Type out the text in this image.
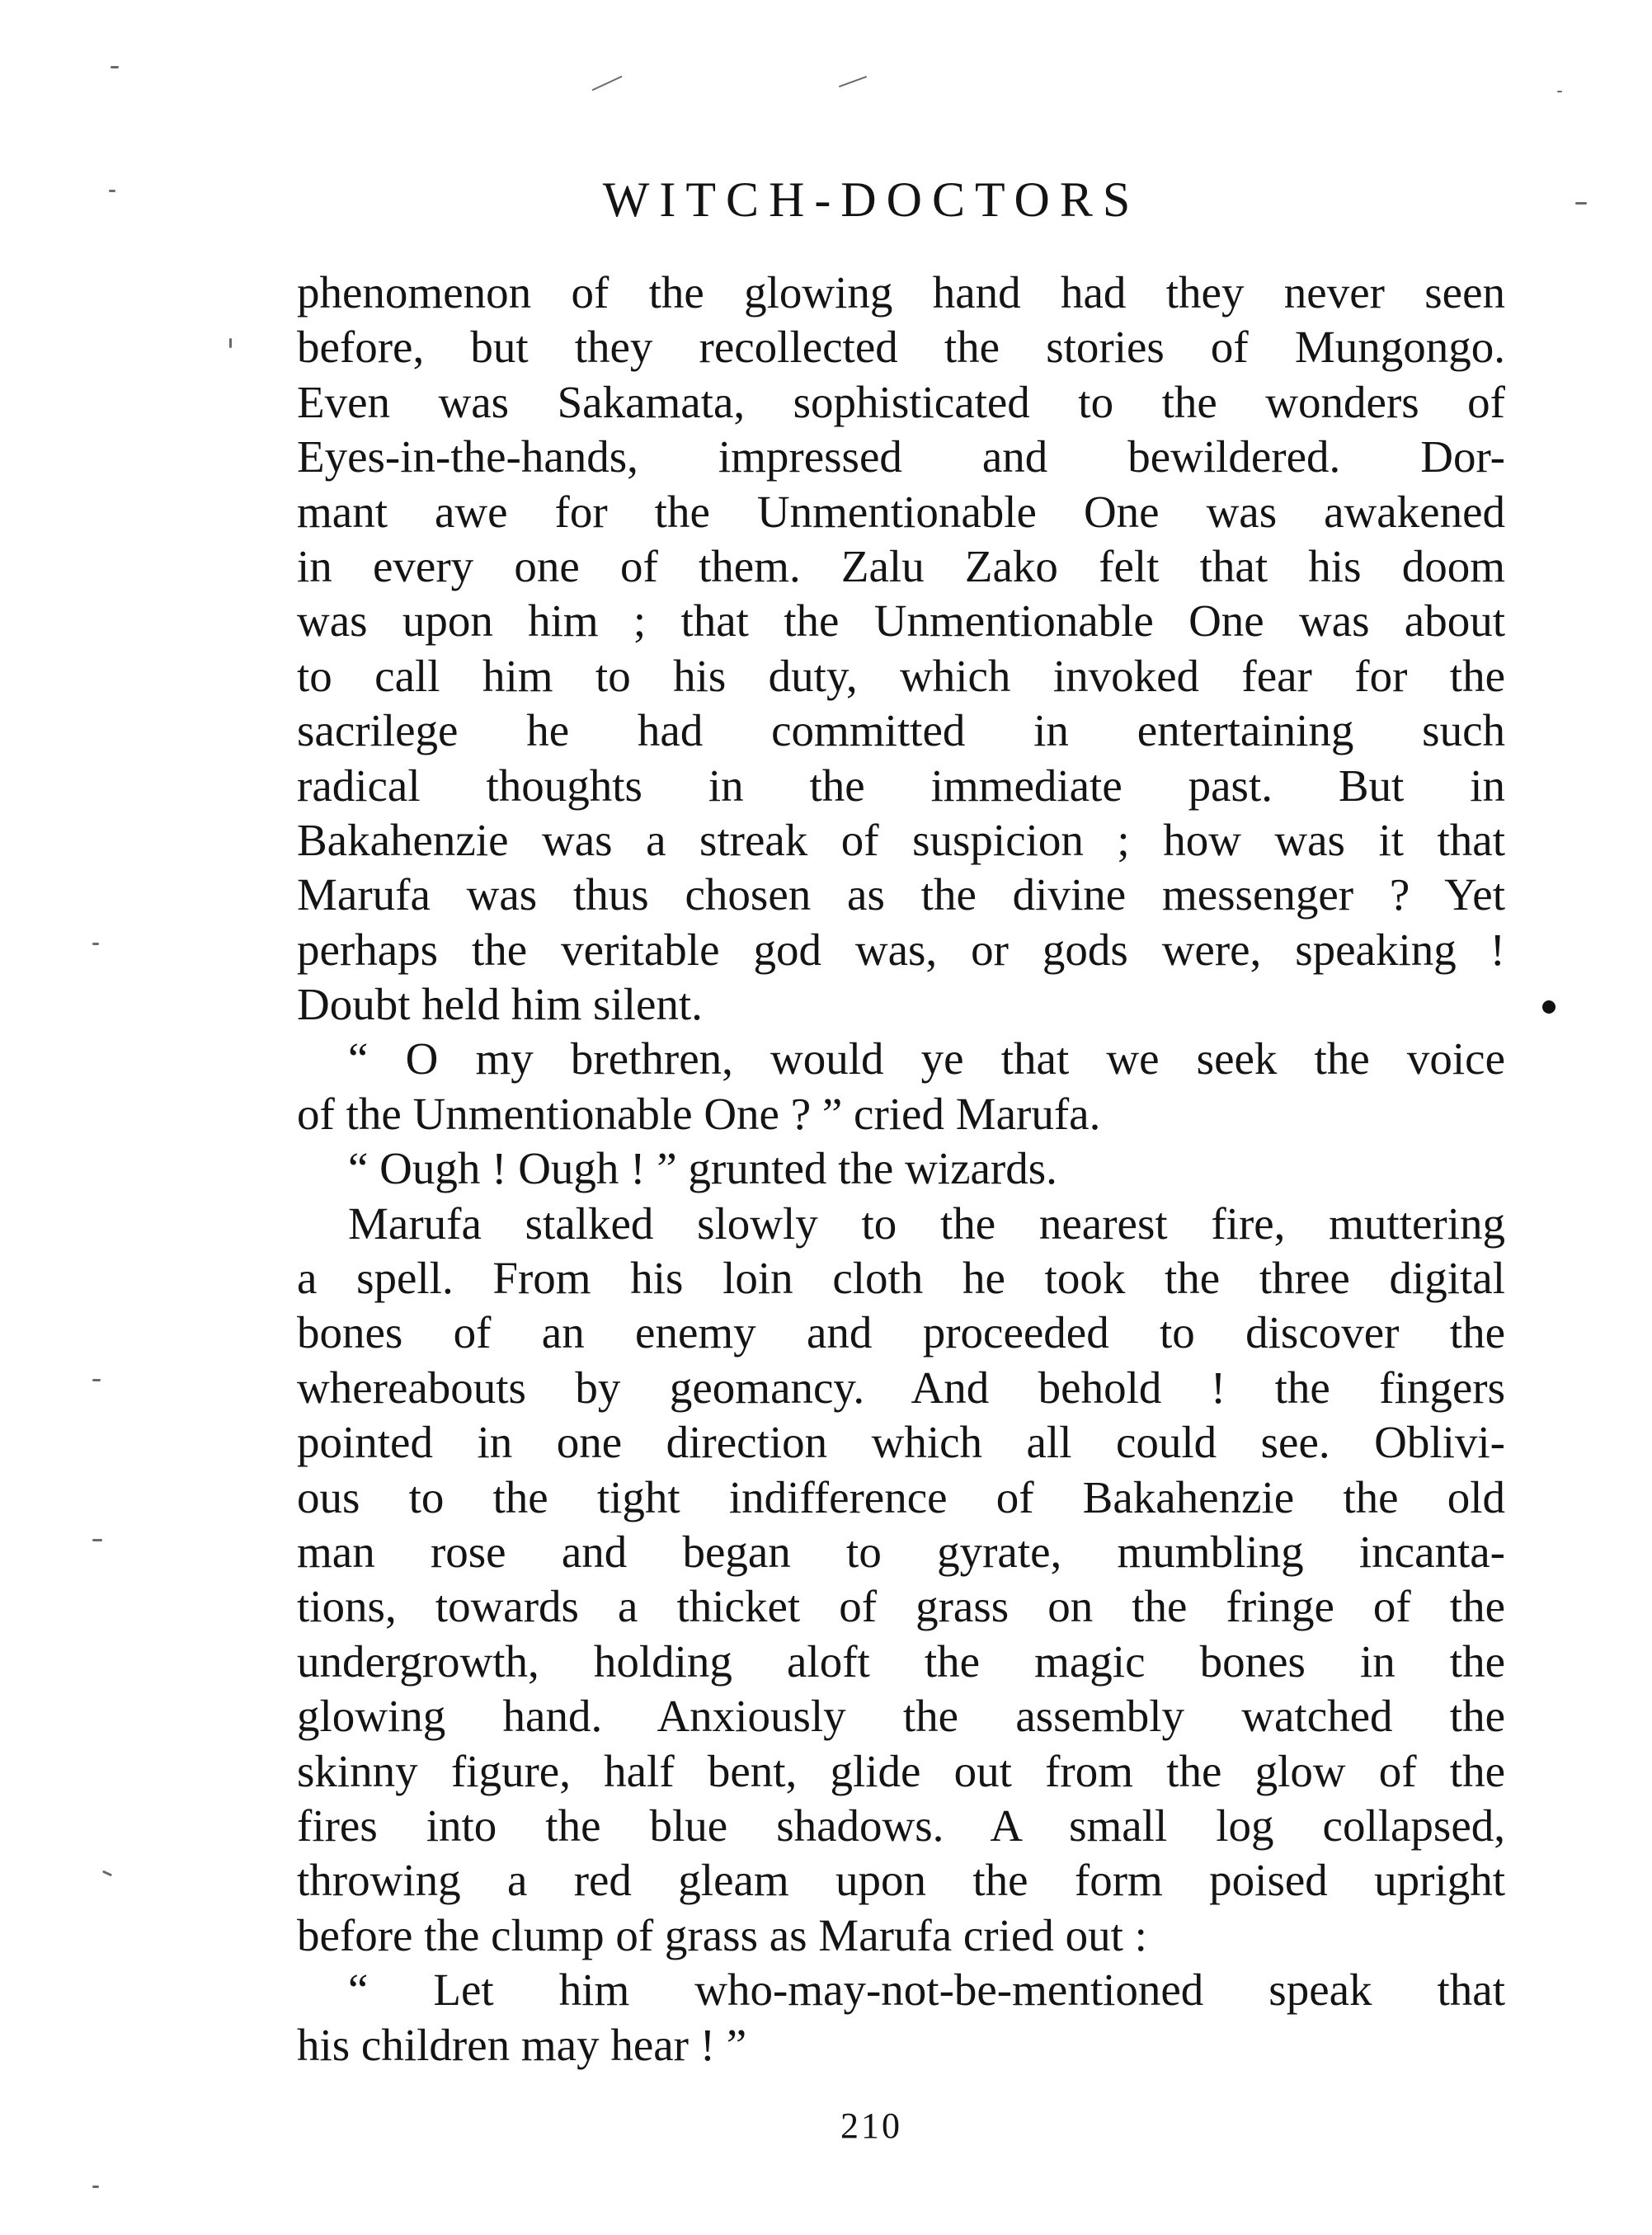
WITCH-DOCTORS
phenomenon of the glowing hand had they never seen
before, but they recollected the stories of Mungongo.
Even was Sakamata, sophisticated to the wonders of
Eyes-in-the-hands, impressed and bewildered. Dor-
mant awe for the Unmentionable One was awakened
in every one of them. Zalu Zako felt that his doom
was upon him ; that the Unmentionable One was about
to call him to his duty, which invoked fear for the
sacrilege he had committed in entertaining such
radical thoughts in the immediate past. But in
Bakahenzie was a streak of suspicion ; how was it that
Marufa was thus chosen as the divine messenger ? Yet
perhaps the veritable god was, or gods were, speaking !
Doubt held him silent.
“ O my brethren, would ye that we seek the voice
of the Unmentionable One ? ” cried Marufa.
“ Ough ! Ough ! ” grunted the wizards.
Marufa stalked slowly to the nearest fire, muttering
a spell. From his loin cloth he took the three digital
bones of an enemy and proceeded to discover the
whereabouts by geomancy. And behold ! the fingers
pointed in one direction which all could see. Oblivi-
ous to the tight indifference of Bakahenzie the old
man rose and began to gyrate, mumbling incanta-
tions, towards a thicket of grass on the fringe of the
undergrowth, holding aloft the magic bones in the
glowing hand. Anxiously the assembly watched the
skinny figure, half bent, glide out from the glow of the
fires into the blue shadows. A small log collapsed,
throwing a red gleam upon the form poised upright
before the clump of grass as Marufa cried out :
“ Let him who-may-not-be-mentioned speak that
his children may hear ! ”
210
